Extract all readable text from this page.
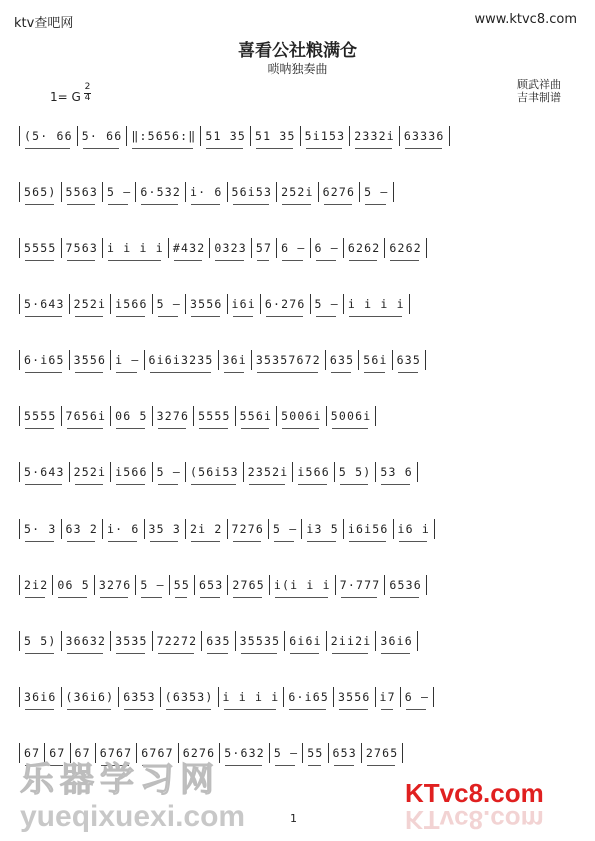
ktv查吧网	www.ktvc8.com
喜看公社粮满仓
唢呐独奏曲
顾武祥曲
吉聿制谱
1= G
2
4
(5· 66 5· 66 ‖:5656:‖ 51 35 51 35 5i153 2332i 63336
565) 5563 5 — 6·532 i· 6 56i53 252i 6276 5 —
5555 7563 i i i i #432 0323 57 6 — 6 — 6262 6262
5·643 252i i566 5 — 3556 i6i 6·276 5 — i i i i
6·i65 3556 i — 6i6i3235 36i 35357672 635 56i 635
5555 7656i 06 5 3276 5555 556i 5006i 5006i
5·643 252i i566 5 — (56i53 2352i i566 5 5) 53 6
5· 3 63 2 i· 6 35 3 2i 2 7276 5 — i3 5 i6i56 i6 i
2i2 06 5 3276 5 — 55 653 2765 i(i i i 7·777 6536
5 5) 36632 3535 72272 635 35535 6i6i 2ii2i 36i6
36i6 (36i6) 6353 (6353) i i i i 6·i65 3556 i7 6 —
67 67 67 6767 6767 6276 5·632 5 — 55 653 2765
乐器学习网
yueqixuexi.com
KTvc8.com
KTvc8.com
1
